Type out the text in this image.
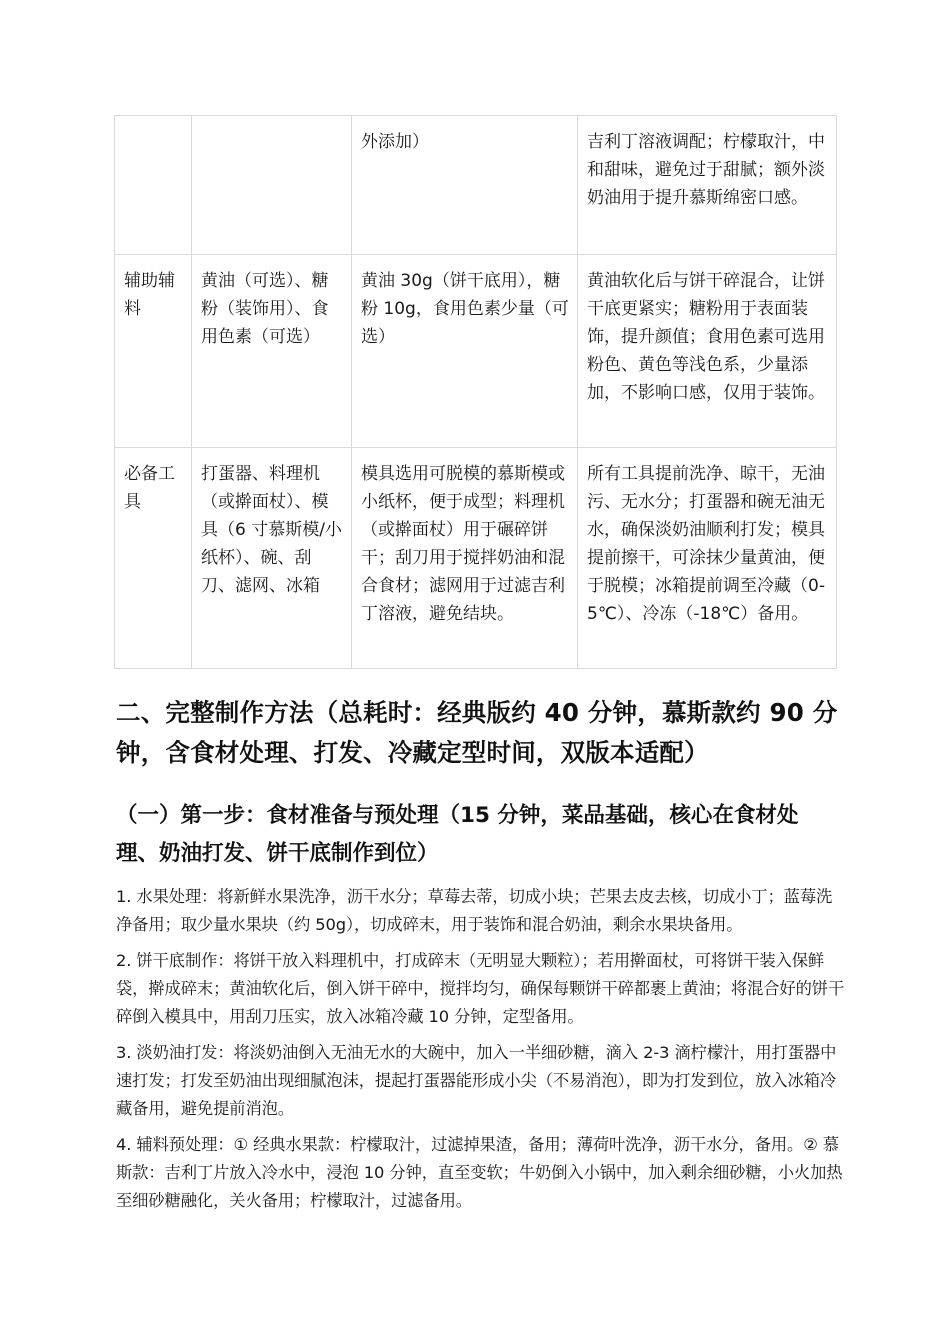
		外添加）	吉利丁溶液调配；柠檬取汁，中和甜味，避免过于甜腻；额外淡奶油用于提升慕斯绵密口感。
辅助辅料	黄油（可选）、糖粉（装饰用）、食用色素（可选）	黄油 30g（饼干底用），糖粉 10g，食用色素少量（可选）	黄油软化后与饼干碎混合，让饼干底更紧实；糖粉用于表面装饰，提升颜值；食用色素可选用粉色、黄色等浅色系，少量添加，不影响口感，仅用于装饰。
必备工具	打蛋器、料理机（或擀面杖）、模具（6 寸慕斯模/小纸杯）、碗、刮刀、滤网、冰箱	模具选用可脱模的慕斯模或小纸杯，便于成型；料理机（或擀面杖）用于碾碎饼干；刮刀用于搅拌奶油和混合食材；滤网用于过滤吉利丁溶液，避免结块。	所有工具提前洗净、晾干，无油污、无水分；打蛋器和碗无油无水，确保淡奶油顺利打发；模具提前擦干，可涂抹少量黄油，便于脱模；冰箱提前调至冷藏（0-5℃）、冷冻（-18℃）备用。
二、完整制作方法（总耗时：经典版约 40 分钟，慕斯款约 90 分钟，含食材处理、打发、冷藏定型时间，双版本适配）
（一）第一步：食材准备与预处理（15 分钟，菜品基础，核心在食材处理、奶油打发、饼干底制作到位）

1. 水果处理：将新鲜水果洗净，沥干水分；草莓去蒂，切成小块；芒果去皮去核，切成小丁；蓝莓洗净备用；取少量水果块（约 50g），切成碎末，用于装饰和混合奶油，剩余水果块备用。

2. 饼干底制作：将饼干放入料理机中，打成碎末（无明显大颗粒）；若用擀面杖，可将饼干装入保鲜袋，擀成碎末；黄油软化后，倒入饼干碎中，搅拌均匀，确保每颗饼干碎都裹上黄油；将混合好的饼干碎倒入模具中，用刮刀压实，放入冰箱冷藏 10 分钟，定型备用。

3. 淡奶油打发：将淡奶油倒入无油无水的大碗中，加入一半细砂糖，滴入 2-3 滴柠檬汁，用打蛋器中速打发；打发至奶油出现细腻泡沫，提起打蛋器能形成小尖（不易消泡），即为打发到位，放入冰箱冷藏备用，避免提前消泡。

4. 辅料预处理：① 经典水果款：柠檬取汁，过滤掉果渣，备用；薄荷叶洗净，沥干水分，备用。② 慕斯款：吉利丁片放入冷水中，浸泡 10 分钟，直至变软；牛奶倒入小锅中，加入剩余细砂糖，小火加热至细砂糖融化，关火备用；柠檬取汁，过滤备用。
